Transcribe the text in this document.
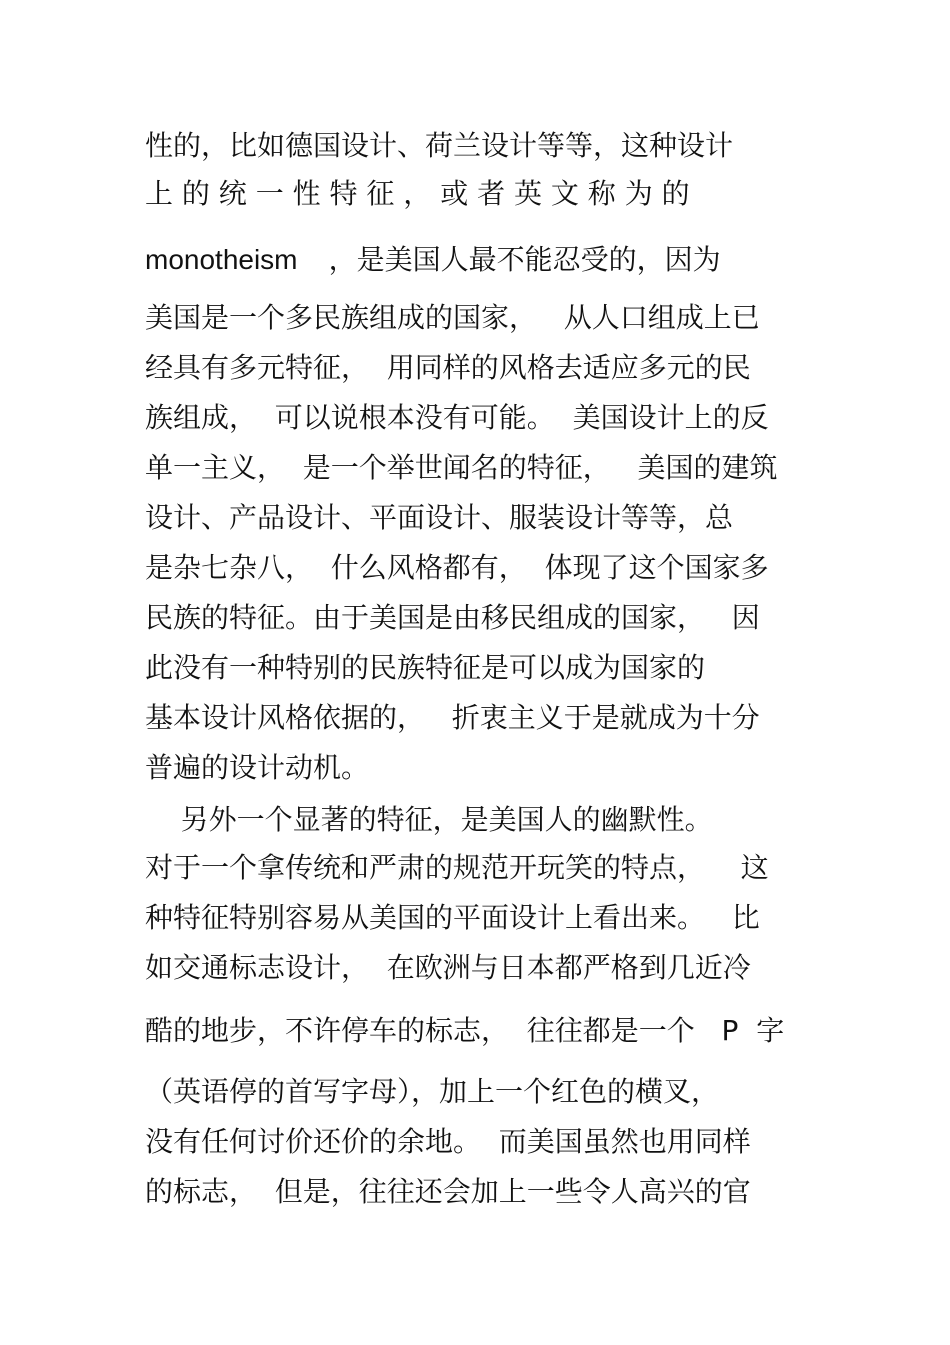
性的，比如德国设计、荷兰设计等等，这种设计

上 的 统 一 性 特 征 ， 或 者 英 文 称 为 的

monotheism    ，是美国人最不能忍受的，因为

美国是一个多民族组成的国家，   从人口组成上已

经具有多元特征，  用同样的风格去适应多元的民

族组成，  可以说根本没有可能。  美国设计上的反

单一主义，  是一个举世闻名的特征，   美国的建筑

设计、产品设计、平面设计、服装设计等等，总

是杂七杂八，  什么风格都有，  体现了这个国家多

民族的特征。由于美国是由移民组成的国家，   因

此没有一种特别的民族特征是可以成为国家的

基本设计风格依据的，   折衷主义于是就成为十分

普遍的设计动机。

另外一个显著的特征，是美国人的幽默性。

对于一个拿传统和严肃的规范开玩笑的特点，    这

种特征特别容易从美国的平面设计上看出来。   比

如交通标志设计，  在欧洲与日本都严格到几近冷

酷的地步，不许停车的标志，  往往都是一个   P  字

（英语停的首写字母），加上一个红色的横叉，

没有任何讨价还价的余地。  而美国虽然也用同样

的标志，  但是，往往还会加上一些令人高兴的官
